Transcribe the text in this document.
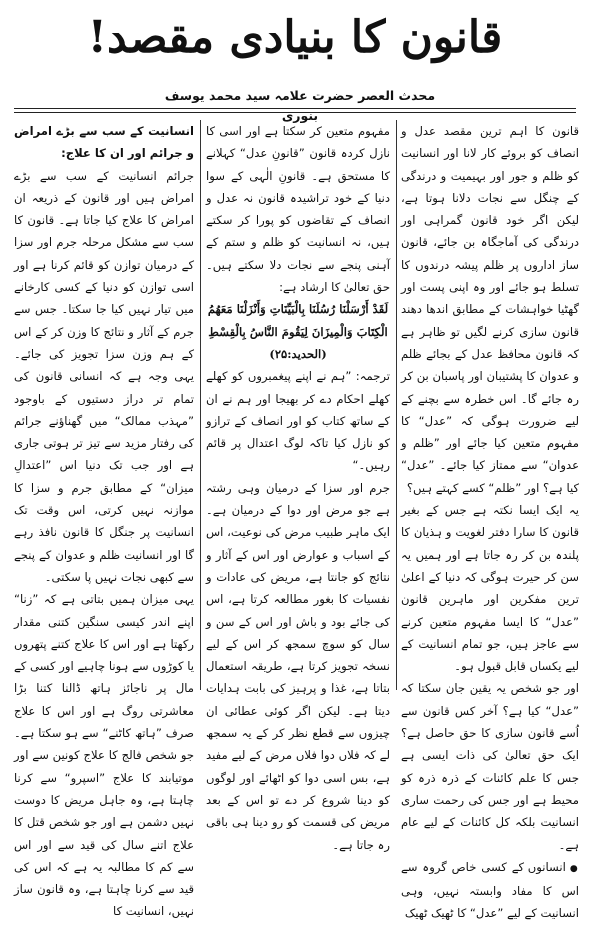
قانون کا بنیادی مقصد!
محدث العصر حضرت علامہ سید محمد یوسف بنوری

قانون کا اہم ترین مقصد عدل و انصاف کو بروئے کار لانا اور انسانیت کو ظلم و جور اور بہیمیت و درندگی کے چنگل سے نجات دلانا ہوتا ہے، لیکن اگر خود قانون گمراہی اور درندگی کی آماجگاہ بن جائے، قانون ساز اداروں پر ظلم پیشہ درندوں کا تسلط ہو جائے اور وہ اپنی پست اور گھٹیا خواہشات کے مطابق اندھا دھند قانون سازی کرنے لگیں تو ظاہر ہے کہ قانون محافظ عدل کے بجائے ظلم و عدوان کا پشتیبان اور پاسبان بن کر رہ جائے گا۔ اس خطرہ سے بچنے کے لیے ضرورت ہوگی کہ ”عدل“ کا مفہوم متعین کیا جائے اور ”ظلم و عدوان“ سے ممتاز کیا جائے۔ ”عدل“ کیا ہے؟ اور ”ظلم“ کسے کہتے ہیں؟

یہ ایک ایسا نکتہ ہے جس کے بغیر قانون کا سارا دفتر لغویت و ہذیان کا پلندہ بن کر رہ جاتا ہے اور ہمیں یہ سن کر حیرت ہوگی کہ دنیا کے اعلیٰ ترین مفکرین اور ماہرین قانون ”عدل“ کا ایسا مفہوم متعین کرنے سے عاجز ہیں، جو تمام انسانیت کے لیے یکساں قابل قبول ہو۔

اور جو شخص یہ یقین جان سکتا کہ ”عدل“ کیا ہے؟ آخر کس قانون سے اُسے قانون سازی کا حق حاصل ہے؟ ایک حق تعالیٰ کی ذات ایسی ہے جس کا علم کائنات کے ذرہ ذرہ کو محیط ہے اور جس کی رحمت ساری انسانیت بلکہ کل کائنات کے لیے عام ہے۔

● انسانوں کے کسی خاص گروہ سے اس کا مفاد وابستہ نہیں، وہی انسانیت کے لیے ”عدل“ کا ٹھیک ٹھیک

مفہوم متعین کر سکتا ہے اور اسی کا نازل کردہ قانون ”قانونِ عدل“ کہلانے کا مستحق ہے۔ قانونِ الٰہی کے سوا دنیا کے خود تراشیدہ قانون نہ عدل و انصاف کے تقاضوں کو پورا کر سکتے ہیں، نہ انسانیت کو ظلم و ستم کے آہنی پنجے سے نجات دلا سکتے ہیں۔ حق تعالیٰ کا ارشاد ہے:

لَقَدْ أَرْسَلْنَا رُسُلَنَا بِالْبَيِّنَاتِ وَأَنْزَلْنَا مَعَهُمُ الْكِتَابَ وَالْمِيزَانَ لِيَقُومَ النَّاسُ بِالْقِسْطِ (الحدید:۲۵)

ترجمہ: ”ہم نے اپنے پیغمبروں کو کھلے کھلے احکام دے کر بھیجا اور ہم نے ان کے ساتھ کتاب کو اور انصاف کے ترازو کو نازل کیا تاکہ لوگ اعتدال پر قائم رہیں۔“

جرم اور سزا کے درمیان وہی رشتہ ہے جو مرض اور دوا کے درمیان ہے۔ ایک ماہر طبیب مرض کی نوعیت، اس کے اسباب و عوارض اور اس کے آثار و نتائج کو جانتا ہے، مریض کی عادات و نفسیات کا بغور مطالعہ کرتا ہے، اس کی جائے بود و باش اور اس کے سن و سال کو سوچ سمجھ کر اس کے لیے نسخہ تجویز کرتا ہے، طریقہ استعمال بتاتا ہے، غذا و پرہیز کی بابت ہدایات دیتا ہے۔ لیکن اگر کوئی عطائی ان چیزوں سے قطع نظر کر کے یہ سمجھ لے کہ فلاں دوا فلاں مرض کے لیے مفید ہے، بس اسی دوا کو اٹھائے اور لوگوں کو دینا شروع کر دے تو اس کے بعد مریض کی قسمت کو رو دینا ہی باقی رہ جاتا ہے۔

انسانیت کے سب سے بڑے امراض و جرائم اور ان کا علاج:

جرائم انسانیت کے سب سے بڑے امراض ہیں اور قانون کے ذریعہ ان امراض کا علاج کیا جاتا ہے۔ قانون کا سب سے مشکل مرحلہ جرم اور سزا کے درمیان توازن کو قائم کرنا ہے اور اسی توازن کو دنیا کے کسی کارخانے میں تیار نہیں کیا جا سکتا۔ جس سے جرم کے آثار و نتائج کا وزن کر کے اس کے ہم وزن سزا تجویز کی جائے۔ یہی وجہ ہے کہ انسانی قانون کی تمام تر دراز دستیوں کے باوجود ”مہذب ممالک“ میں گھناؤنے جرائم کی رفتار مزید سے تیز تر ہوتی جاری ہے اور جب تک دنیا اس ”اعتدالِ میزان“ کے مطابق جرم و سزا کا موازنہ نہیں کرتی، اس وقت تک انسانیت پر جنگل کا قانون نافذ رہے گا اور انسانیت ظلم و عدوان کے پنجے سے کبھی نجات نہیں پا سکتی۔

یہی میزان ہمیں بتاتی ہے کہ ”زنا“ اپنے اندر کیسی سنگین کتنی مقدار رکھتا ہے اور اس کا علاج کتنے پتھروں یا کوڑوں سے ہونا چاہیے اور کسی کے مال پر ناجائز ہاتھ ڈالنا کتنا بڑا معاشرتی روگ ہے اور اس کا علاج صرف ”ہاتھ کاٹنے“ سے ہو سکتا ہے۔ جو شخص فالج کا علاج کونین سے اور موتیابند کا علاج ”اسپرو“ سے کرنا چاہتا ہے، وہ جاہل مریض کا دوست نہیں دشمن ہے اور جو شخص قتل کا علاج اتنے سال کی قید سے اور اس سے کم کا مطالبہ یہ ہے کہ اس کی قید سے کرنا چاہتا ہے، وہ قانون ساز نہیں، انسانیت کا
